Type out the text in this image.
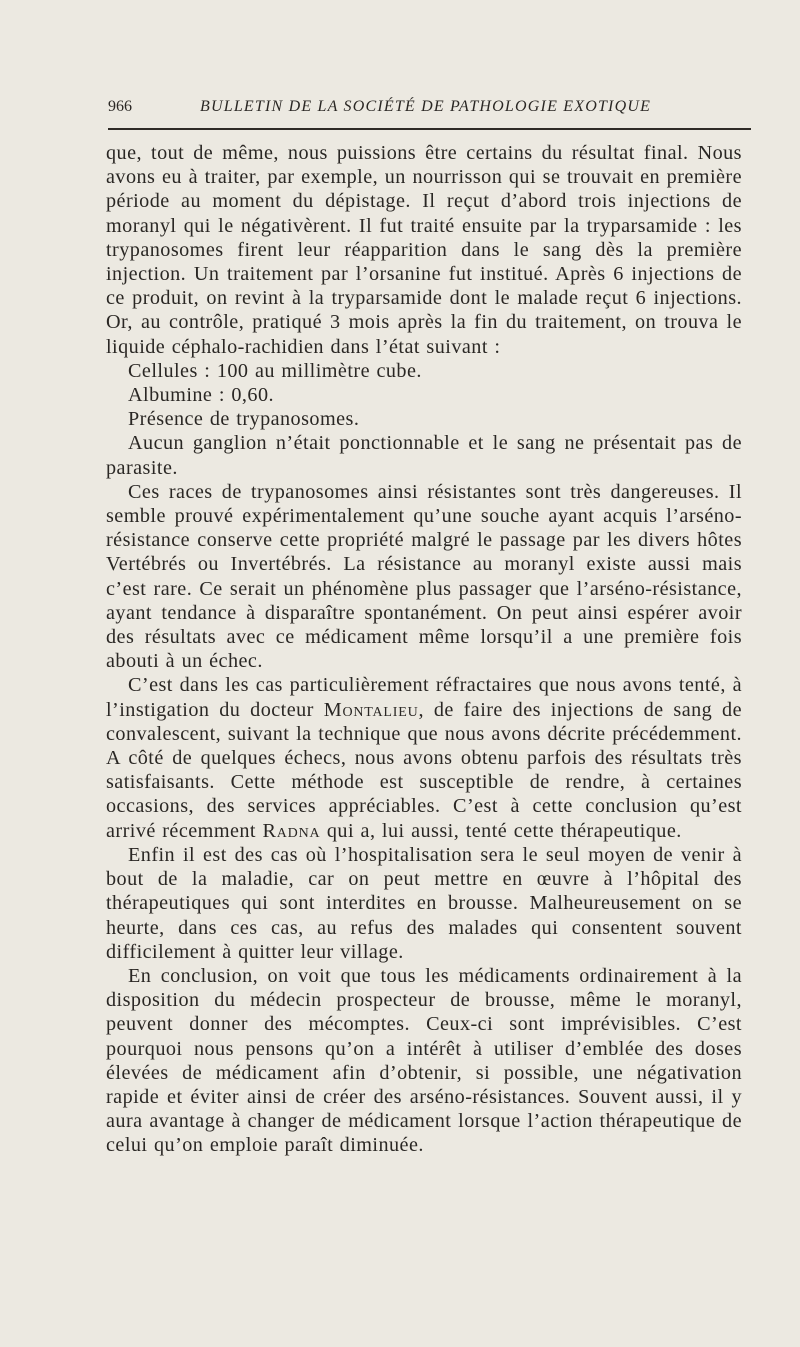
966	BULLETIN DE LA SOCIÉTÉ DE PATHOLOGIE EXOTIQUE

que, tout de même, nous puissions être certains du résultat final. Nous avons eu à traiter, par exemple, un nourrisson qui se trouvait en première période au moment du dépistage. Il reçut d’abord trois injections de moranyl qui le négativèrent. Il fut traité ensuite par la tryparsamide : les trypanosomes firent leur réapparition dans le sang dès la première injection. Un traitement par l’orsanine fut institué. Après 6 injections de ce produit, on revint à la tryparsamide dont le malade reçut 6 injections. Or, au contrôle, pratiqué 3 mois après la fin du traitement, on trouva le liquide céphalo-rachidien dans l’état suivant :

Cellules : 100 au millimètre cube.

Albumine : 0,60.

Présence de trypanosomes.

Aucun ganglion n’était ponctionnable et le sang ne présentait pas de parasite.

Ces races de trypanosomes ainsi résistantes sont très dangereuses. Il semble prouvé expérimentalement qu’une souche ayant acquis l’arséno-résistance conserve cette propriété malgré le passage par les divers hôtes Vertébrés ou Invertébrés. La résistance au moranyl existe aussi mais c’est rare. Ce serait un phénomène plus passager que l’arséno-résistance, ayant tendance à disparaître spontanément. On peut ainsi espérer avoir des résultats avec ce médicament même lorsqu’il a une première fois abouti à un échec.

C’est dans les cas particulièrement réfractaires que nous avons tenté, à l’instigation du docteur Montalieu, de faire des injections de sang de convalescent, suivant la technique que nous avons décrite précédemment. A côté de quelques échecs, nous avons obtenu parfois des résultats très satisfaisants. Cette méthode est susceptible de rendre, à certaines occasions, des services appréciables. C’est à cette conclusion qu’est arrivé récemment Radna qui a, lui aussi, tenté cette thérapeutique.

Enfin il est des cas où l’hospitalisation sera le seul moyen de venir à bout de la maladie, car on peut mettre en œuvre à l’hôpital des thérapeutiques qui sont interdites en brousse. Malheureusement on se heurte, dans ces cas, au refus des malades qui consentent souvent difficilement à quitter leur village.

En conclusion, on voit que tous les médicaments ordinairement à la disposition du médecin prospecteur de brousse, même le moranyl, peuvent donner des mécomptes. Ceux-ci sont imprévisibles. C’est pourquoi nous pensons qu’on a intérêt à utiliser d’emblée des doses élevées de médicament afin d’obtenir, si possible, une négativation rapide et éviter ainsi de créer des arséno-résistances. Souvent aussi, il y aura avantage à changer de médicament lorsque l’action thérapeutique de celui qu’on emploie paraît diminuée.
